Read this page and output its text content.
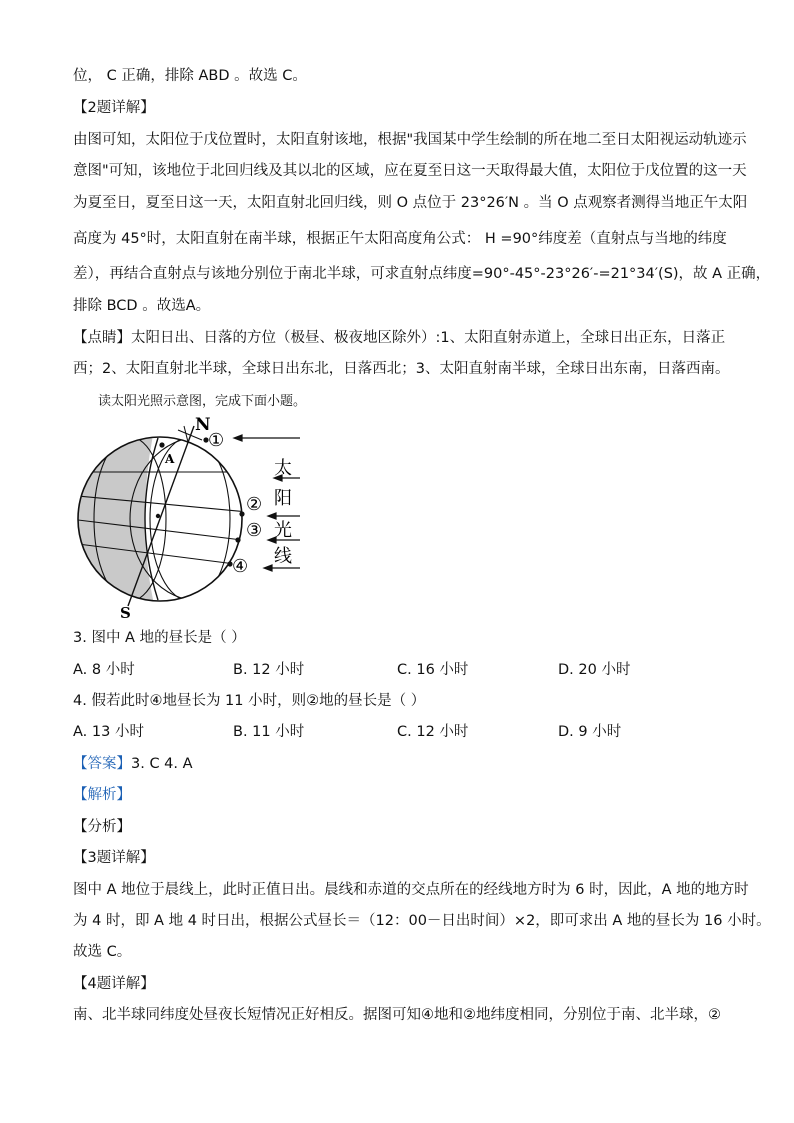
位， C 正确，排除 ABD 。故选 C。
【2题详解】
由图可知，太阳位于戊位置时，太阳直射该地，根据"我国某中学生绘制的所在地二至日太阳视运动轨迹示
意图"可知，该地位于北回归线及其以北的区域，应在夏至日这一天取得最大值，太阳位于戊位置的这一天
为夏至日，夏至日这一天，太阳直射北回归线，则 O 点位于 23°26′N 。当 O 点观察者测得当地正午太阳
高度为 45°时，太阳直射在南半球，根据正午太阳高度角公式： H =90°纬度差（直射点与当地的纬度
差），再结合直射点与该地分别位于南北半球，可求直射点纬度=90°-45°-23°26′-=21°34′(S)，故 A 正确，
排除 BCD 。故选A。
【点睛】太阳日出、日落的方位（极昼、极夜地区除外）:1、太阳直射赤道上，全球日出正东，日落正
西；2、太阳直射北半球，全球日出东北，日落西北；3、太阳直射南半球，全球日出东南，日落西南。
读太阳光照示意图，完成下面小题。
N
S
A
①
②
③
④
太
阳
光
线
3. 图中 A 地的昼长是（ ）
A. 8 小时	B. 12 小时	C. 16 小时	D. 20 小时
4. 假若此时④地昼长为 11 小时，则②地的昼长是（ ）
A. 13 小时	B. 11 小时	C. 12 小时	D. 9 小时
【答案】3. C 4. A
【解析】
【分析】
【3题详解】
图中 A 地位于晨线上，此时正值日出。晨线和赤道的交点所在的经线地方时为 6 时，因此，A 地的地方时
为 4 时，即 A 地 4 时日出，根据公式昼长＝（12：00－日出时间）×2，即可求出 A 地的昼长为 16 小时。
故选 C。
【4题详解】
南、北半球同纬度处昼夜长短情况正好相反。据图可知④地和②地纬度相同，分别位于南、北半球，②
